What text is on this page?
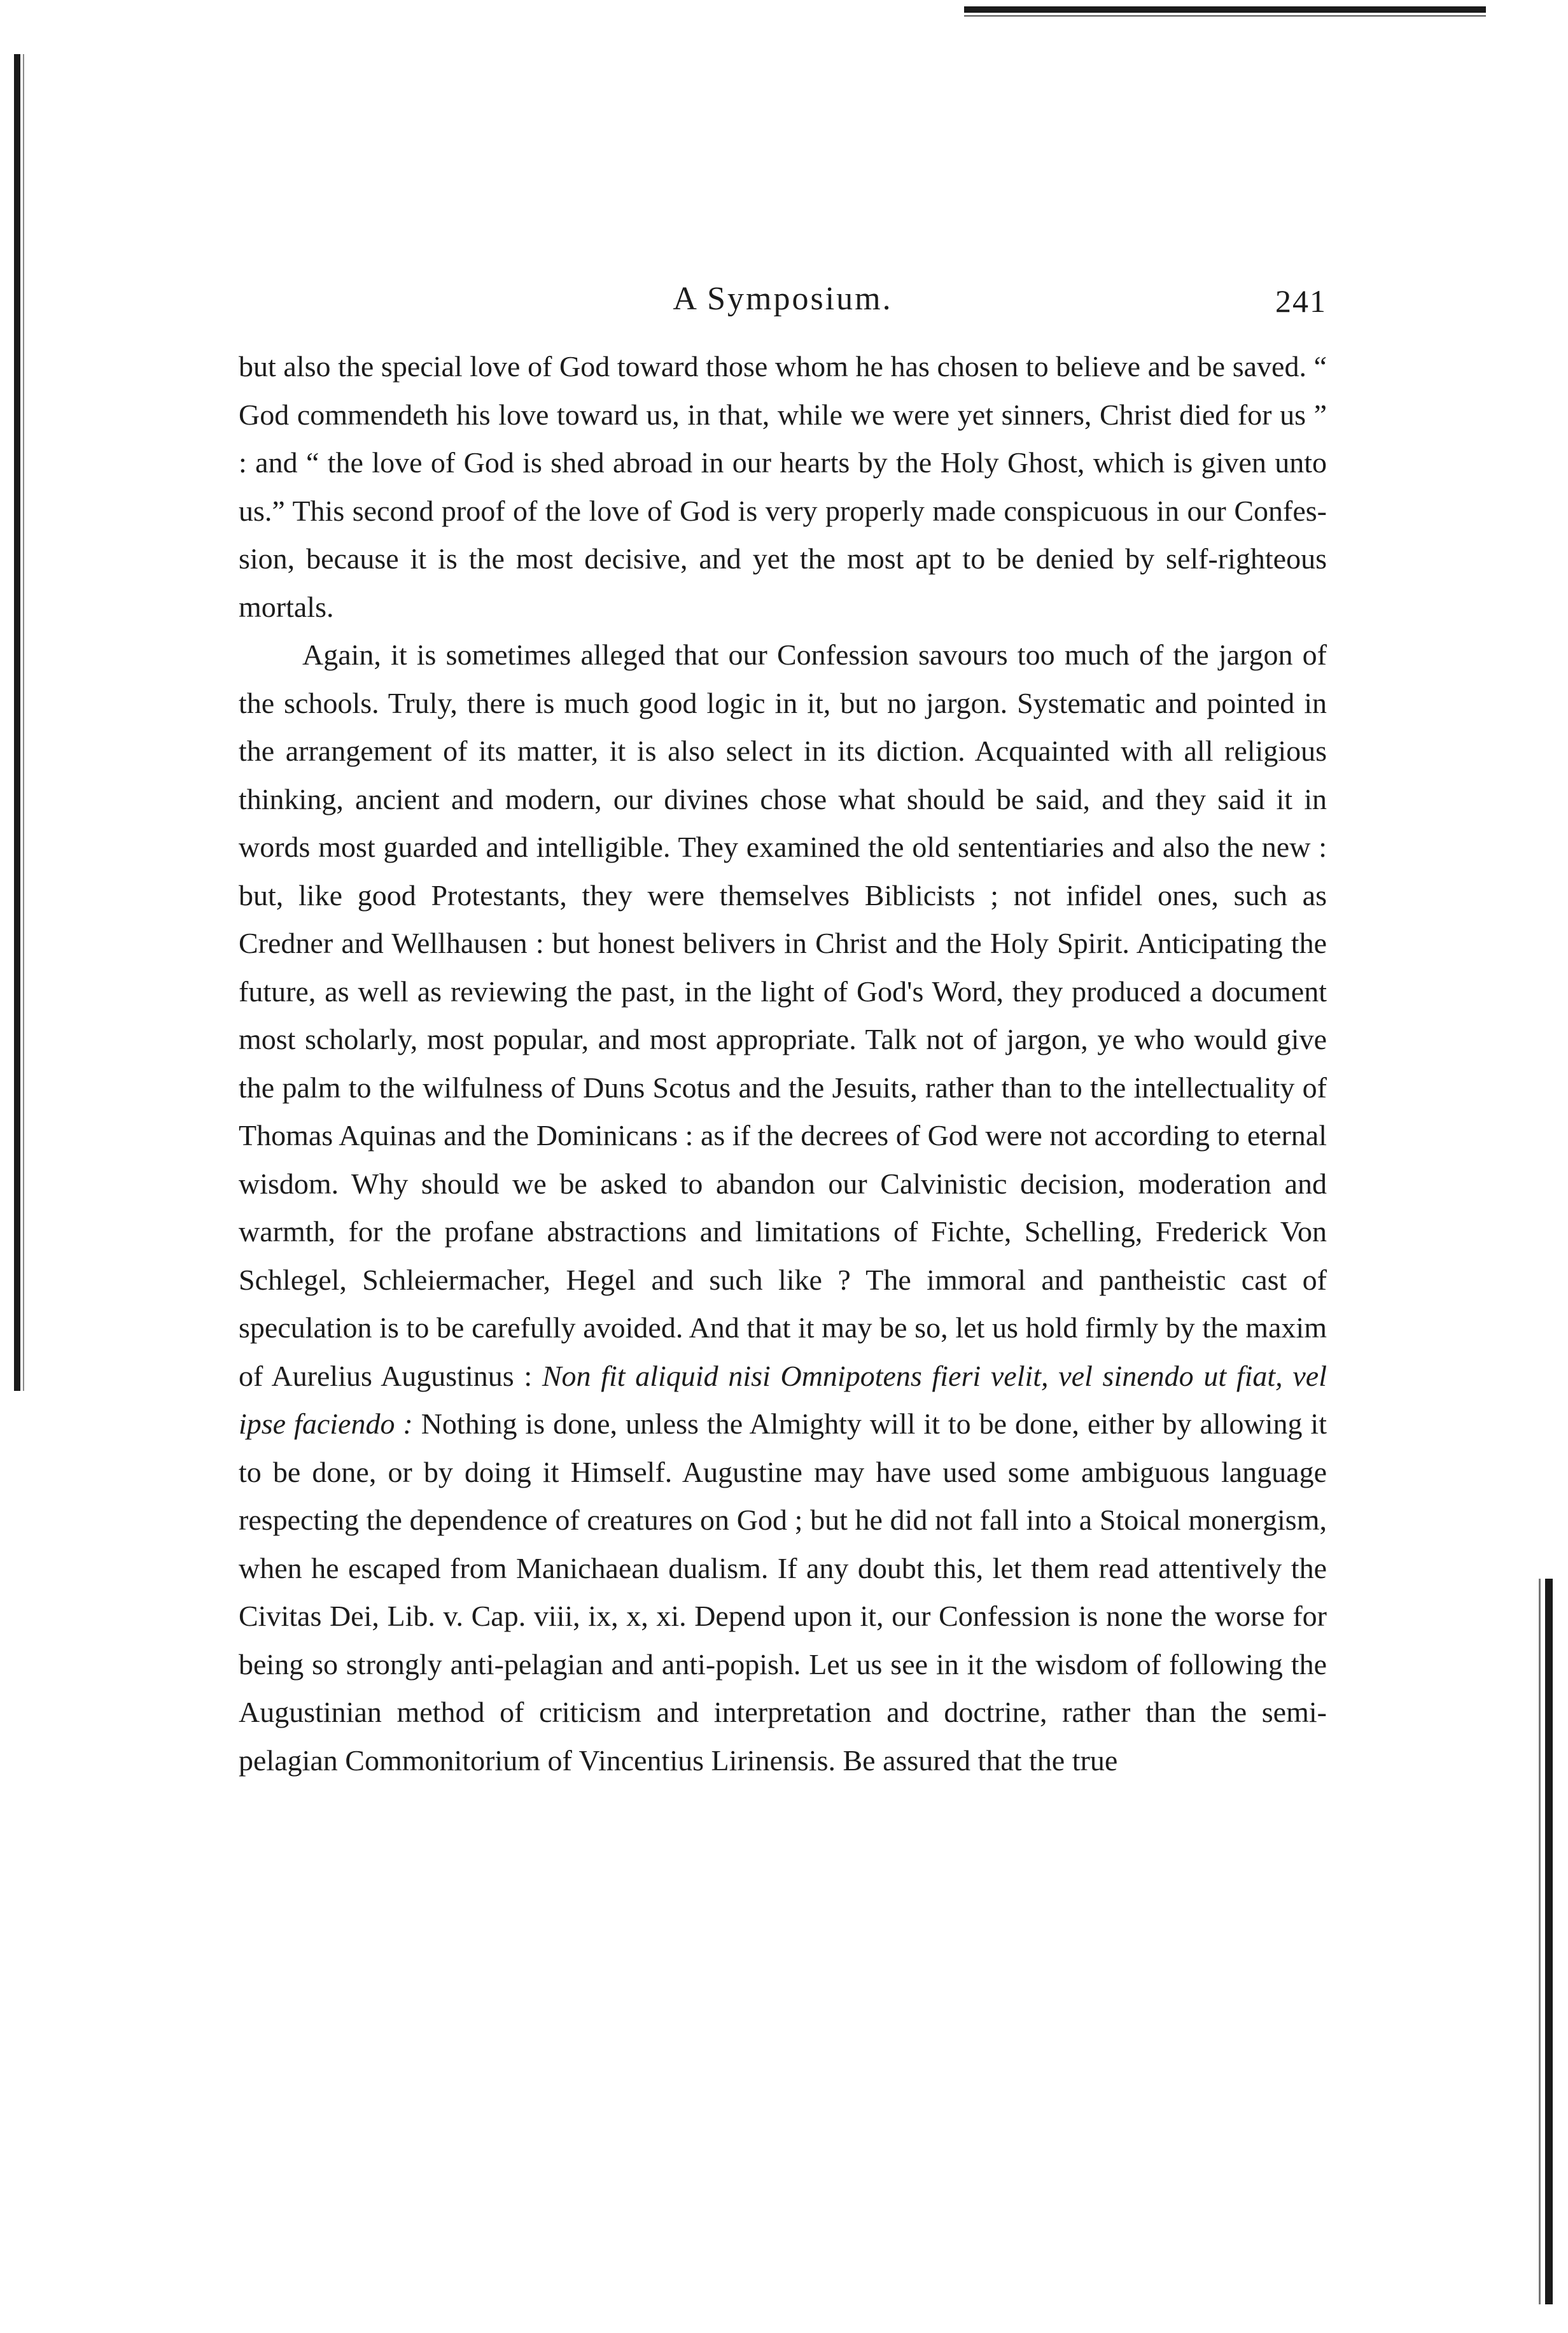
A Symposium.	241

but also the special love of God toward those whom he has chosen to believe and be saved. “ God commendeth his love toward us, in that, while we were yet sinners, Christ died for us ” : and “ the love of God is shed abroad in our hearts by the Holy Ghost, which is given unto us.” This second proof of the love of God is very properly made conspicuous in our Confession, because it is the most decisive, and yet the most apt to be denied by self-righteous mortals.

Again, it is sometimes alleged that our Confession savours too much of the jargon of the schools. Truly, there is much good logic in it, but no jargon. Systematic and pointed in the arrangement of its matter, it is also select in its diction. Acquainted with all religious thinking, ancient and modern, our divines chose what should be said, and they said it in words most guarded and intelligible. They examined the old sententiaries and also the new : but, like good Protestants, they were themselves Biblicists ; not infidel ones, such as Credner and Wellhausen : but honest belivers in Christ and the Holy Spirit. Anticipating the future, as well as reviewing the past, in the light of God's Word, they produced a document most scholarly, most popular, and most appropriate. Talk not of jargon, ye who would give the palm to the wilfulness of Duns Scotus and the Jesuits, rather than to the intellectuality of Thomas Aquinas and the Dominicans : as if the decrees of God were not according to eternal wisdom. Why should we be asked to abandon our Calvinistic decision, moderation and warmth, for the profane abstractions and limitations of Fichte, Schelling, Frederick Von Schlegel, Schleiermacher, Hegel and such like ? The immoral and pantheistic cast of speculation is to be carefully avoided. And that it may be so, let us hold firmly by the maxim of Aurelius Augustinus : Non fit aliquid nisi Omnipotens fieri velit, vel sinendo ut fiat, vel ipse faciendo : Nothing is done, unless the Almighty will it to be done, either by allowing it to be done, or by doing it Himself. Augustine may have used some ambiguous language respecting the dependence of creatures on God ; but he did not fall into a Stoical monergism, when he escaped from Manichaean dualism. If any doubt this, let them read attentively the Civitas Dei, Lib. v. Cap. viii, ix, x, xi. Depend upon it, our Confession is none the worse for being so strongly anti-pelagian and anti-popish. Let us see in it the wisdom of following the Augustinian method of criticism and interpretation and doctrine, rather than the semipelagian Commonitorium of Vincentius Lirinensis. Be assured that the true
